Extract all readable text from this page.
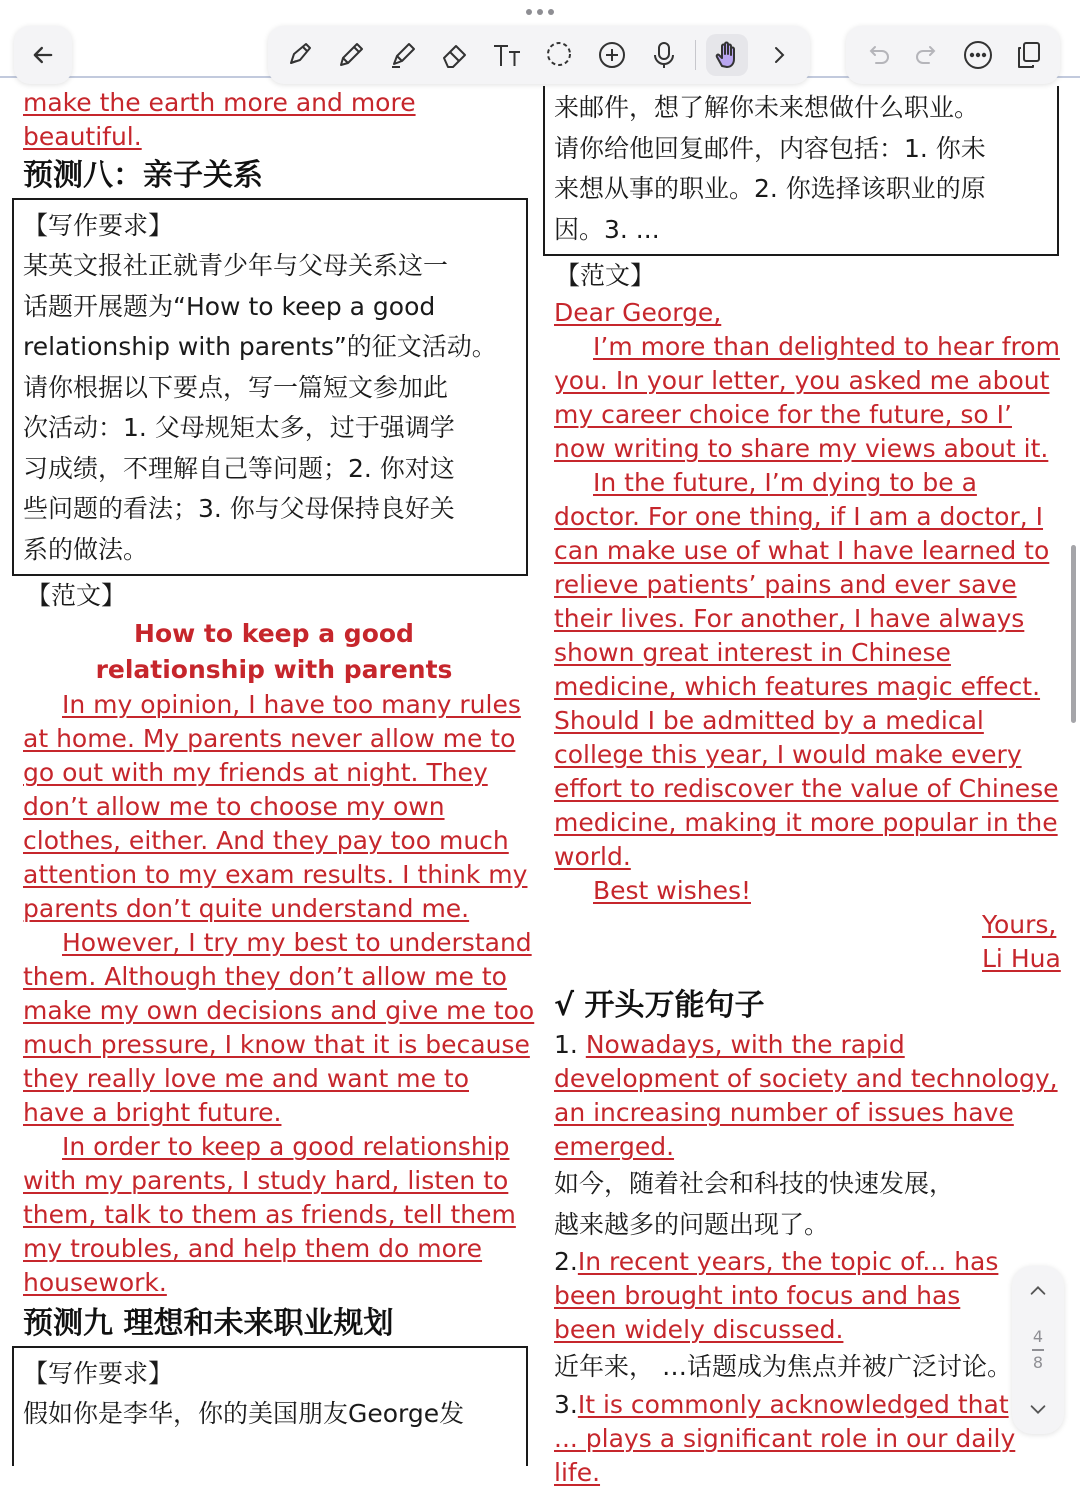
make the earth more and more beautiful.

预测八：亲子关系

【写作要求】

某英文报社正就青少年与父母关系这一

话题开展题为“How to keep a good

relationship with parents”的征文活动。

请你根据以下要点，写一篇短文参加此

次活动：1. 父母规矩太多，过于强调学

习成绩，不理解自己等问题；2. 你对这

些问题的看法；3. 你与父母保持良好关

系的做法。

【范文】

How to keep a good

relationship with parents

In my opinion, I have too many rules at home. My parents never allow me to go out with my friends at night. They don’t allow me to choose my own clothes, either. And they pay too much attention to my exam results. I think my parents don’t quite understand me.

However, I try my best to understand them. Although they don’t allow me to make my own decisions and give me too much pressure, I know that it is because they really love me and want me to have a bright future.

In order to keep a good relationship with my parents, I study hard, listen to them, talk to them as friends, tell them my troubles, and help them do more housework.

预测九 理想和未来职业规划

【写作要求】

假如你是李华，你的美国朋友George发

来邮件，想了解你未来想做什么职业。

请你给他回复邮件，内容包括：1. 你未

来想从事的职业。2. 你选择该职业的原

因。3. ...

【范文】

Dear George,

I’m more than delighted to hear from you. In your letter, you asked me about my career choice for the future, so I’ now writing to share my views about it.

In the future, I’m dying to be a doctor. For one thing, if I am a doctor, I can make use of what I have learned to relieve patients’ pains and ever save their lives. For another, I have always shown great interest in Chinese medicine, which features magic effect. Should I be admitted by a medical college this year, I would make every effort to rediscover the value of Chinese medicine, making it more popular in the world.

Best wishes!

Yours,
Li Hua

√ 开头万能句子

1. Nowadays, with the rapid development of society and technology, an increasing number of issues have emerged.

如今，随着社会和科技的快速发展，

越来越多的问题出现了。

2.In recent years, the topic of... has been brought into focus and has been widely discussed.

近年来， …话题成为焦点并被广泛讨论。

3.It is commonly acknowledged that ... plays a significant role in our daily life.

4
8
